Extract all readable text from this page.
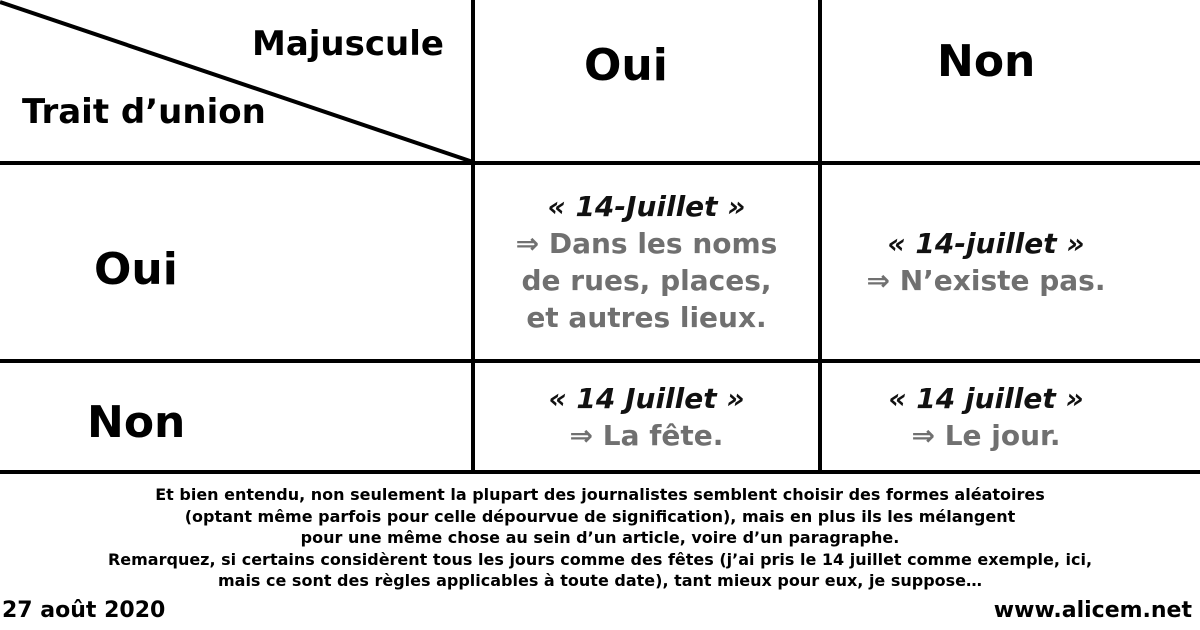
Majuscule
Trait d’union
Oui	Non
Oui
Non
« 14-Juillet »
⇒ Dans les noms
de rues, places,
et autres lieux.
« 14-juillet »
⇒ N’existe pas.
« 14 Juillet »
⇒ La fête.
« 14 juillet »
⇒ Le jour.
Et bien entendu, non seulement la plupart des journalistes semblent choisir des formes aléatoires
(optant même parfois pour celle dépourvue de signification), mais en plus ils les mélangent
pour une même chose au sein d’un article, voire d’un paragraphe.
Remarquez, si certains considèrent tous les jours comme des fêtes (j’ai pris le 14 juillet comme exemple, ici,
mais ce sont des règles applicables à toute date), tant mieux pour eux, je suppose…
27 août 2020	www.alicem.net
